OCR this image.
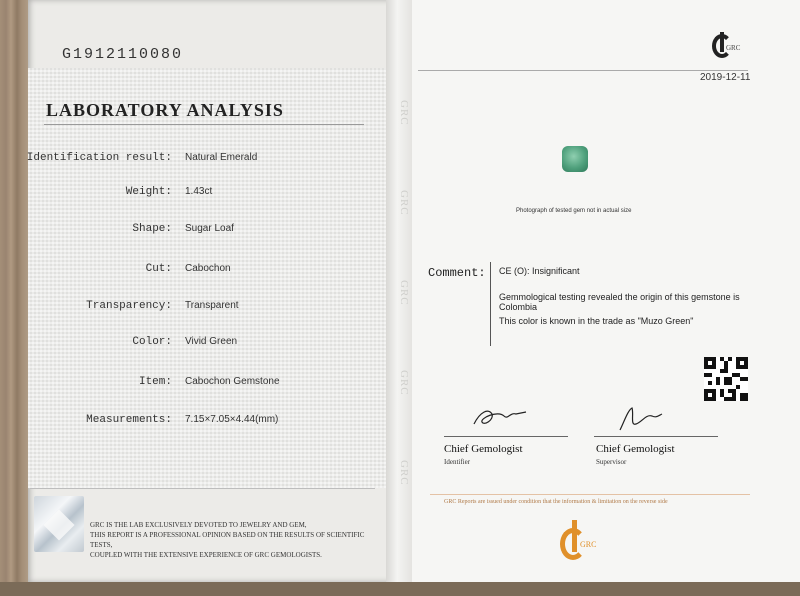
GRC
GRC
GRC
GRC
GRC
G1912110080
LABORATORY ANALYSIS
Identification result: Natural Emerald
Weight: 1.43ct
Shape: Sugar Loaf
Cut: Cabochon
Transparency: Transparent
Color: Vivid Green
Item: Cabochon Gemstone
Measurements: 7.15×7.05×4.44(mm)
GRC IS THE LAB EXCLUSIVELY DEVOTED TO JEWELRY AND GEM,
THIS REPORT IS A PROFESSIONAL OPINION BASED ON THE RESULTS OF SCIENTIFIC TESTS,
COUPLED WITH THE EXTENSIVE EXPERIENCE OF GRC GEMOLOGISTS.
GRC
2019-12-11
Photograph of tested gem not in actual size
Comment: CE (O): Insignificant
Gemmological testing revealed the origin of this gemstone is
Colombia
This color is known in the trade as "Muzo Green"
Chief Gemologist
Identifier
Chief Gemologist
Supervisor
GRC Reports are issued under condition that the information & limitation on the reverse side
GRC
